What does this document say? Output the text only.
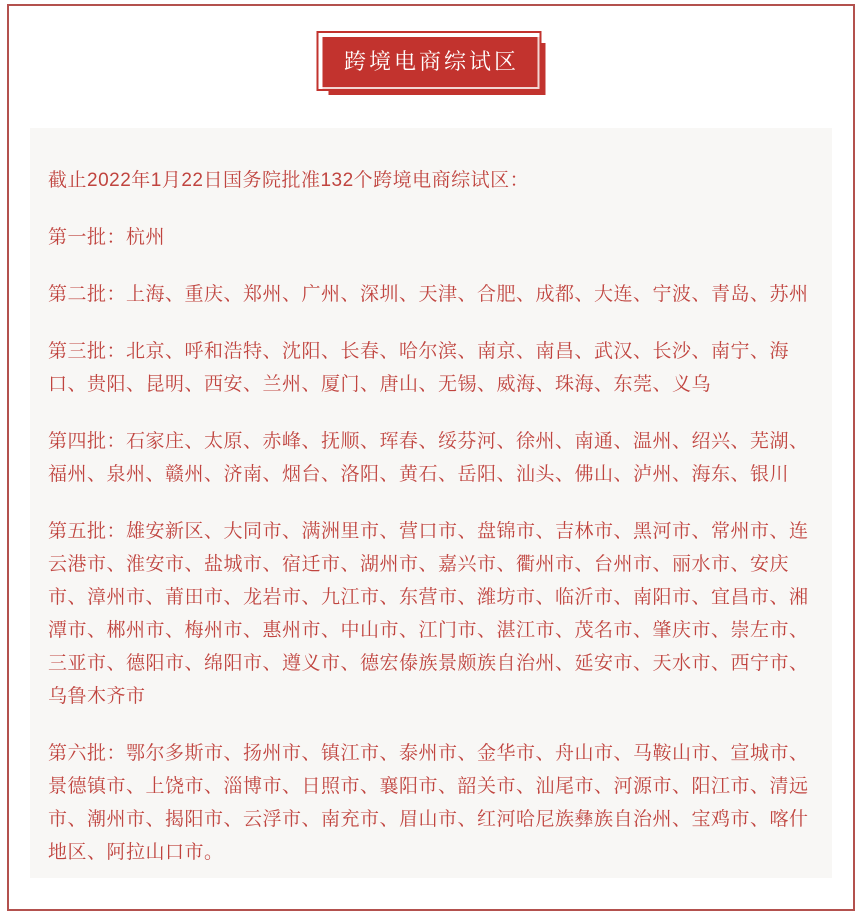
跨境电商综试区

截止2022年1月22日国务院批准132个跨境电商综试区：

第一批：杭州

第二批：上海、重庆、郑州、广州、深圳、天津、合肥、成都、大连、宁波、青岛、苏州

第三批：北京、呼和浩特、沈阳、长春、哈尔滨、南京、南昌、武汉、长沙、南宁、海口、贵阳、昆明、西安、兰州、厦门、唐山、无锡、威海、珠海、东莞、义乌

第四批：石家庄、太原、赤峰、抚顺、珲春、绥芬河、徐州、南通、温州、绍兴、芜湖、福州、泉州、赣州、济南、烟台、洛阳、黄石、岳阳、汕头、佛山、泸州、海东、银川

第五批：雄安新区、大同市、满洲里市、营口市、盘锦市、吉林市、黑河市、常州市、连云港市、淮安市、盐城市、宿迁市、湖州市、嘉兴市、衢州市、台州市、丽水市、安庆市、漳州市、莆田市、龙岩市、九江市、东营市、潍坊市、临沂市、南阳市、宜昌市、湘潭市、郴州市、梅州市、惠州市、中山市、江门市、湛江市、茂名市、肇庆市、崇左市、三亚市、德阳市、绵阳市、遵义市、德宏傣族景颇族自治州、延安市、天水市、西宁市、乌鲁木齐市

第六批：鄂尔多斯市、扬州市、镇江市、泰州市、金华市、舟山市、马鞍山市、宣城市、景德镇市、上饶市、淄博市、日照市、襄阳市、韶关市、汕尾市、河源市、阳江市、清远市、潮州市、揭阳市、云浮市、南充市、眉山市、红河哈尼族彝族自治州、宝鸡市、喀什地区、阿拉山口市。
